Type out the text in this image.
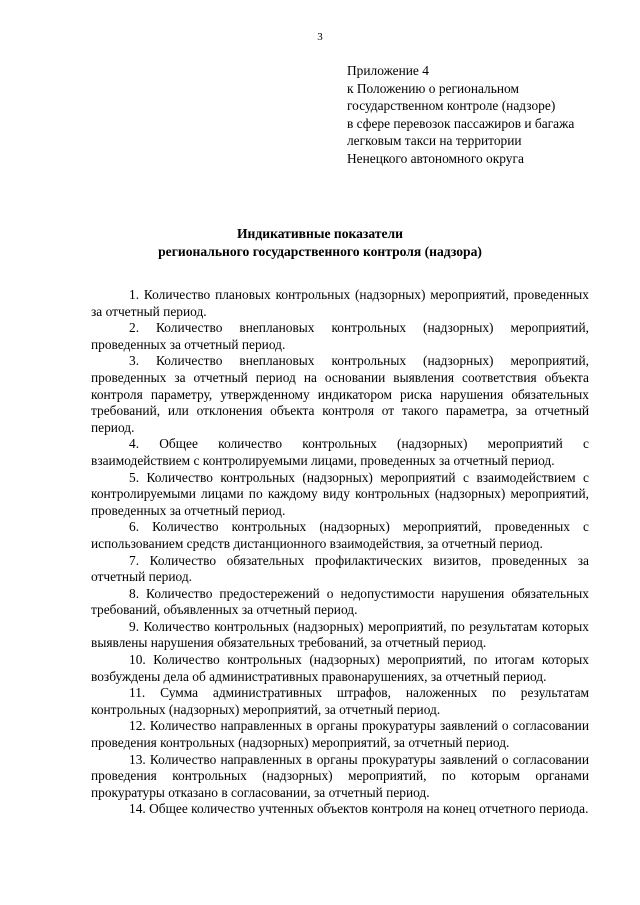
3
Приложение 4
к Положению о региональном
государственном контроле (надзоре)
в сфере перевозок пассажиров и багажа
легковым такси на территории
Ненецкого автономного округа
Индикативные показатели
регионального государственного контроля (надзора)

1. Количество плановых контрольных (надзорных) мероприятий, проведенных за отчетный период.

2. Количество внеплановых контрольных (надзорных) мероприятий, проведенных за отчетный период.

3. Количество внеплановых контрольных (надзорных) мероприятий, проведенных за отчетный период на основании выявления соответствия объекта контроля параметру, утвержденному индикатором риска нарушения обязательных требований, или отклонения объекта контроля от такого параметра, за отчетный период.

4. Общее количество контрольных (надзорных) мероприятий с взаимодействием с контролируемыми лицами, проведенных за отчетный период.

5. Количество контрольных (надзорных) мероприятий с взаимодействием с контролируемыми лицами по каждому виду контрольных (надзорных) мероприятий, проведенных за отчетный период.

6. Количество контрольных (надзорных) мероприятий, проведенных с использованием средств дистанционного взаимодействия, за отчетный период.

7. Количество обязательных профилактических визитов, проведенных за отчетный период.

8. Количество предостережений о недопустимости нарушения обязательных требований, объявленных за отчетный период.

9. Количество контрольных (надзорных) мероприятий, по результатам которых выявлены нарушения обязательных требований, за отчетный период.

10. Количество контрольных (надзорных) мероприятий, по итогам которых возбуждены дела об административных правонарушениях, за отчетный период.

11. Сумма административных штрафов, наложенных по результатам контрольных (надзорных) мероприятий, за отчетный период.

12. Количество направленных в органы прокуратуры заявлений о согласовании проведения контрольных (надзорных) мероприятий, за отчетный период.

13. Количество направленных в органы прокуратуры заявлений о согласовании проведения контрольных (надзорных) мероприятий, по которым органами прокуратуры отказано в согласовании, за отчетный период.

14. Общее количество учтенных объектов контроля на конец отчетного периода.
